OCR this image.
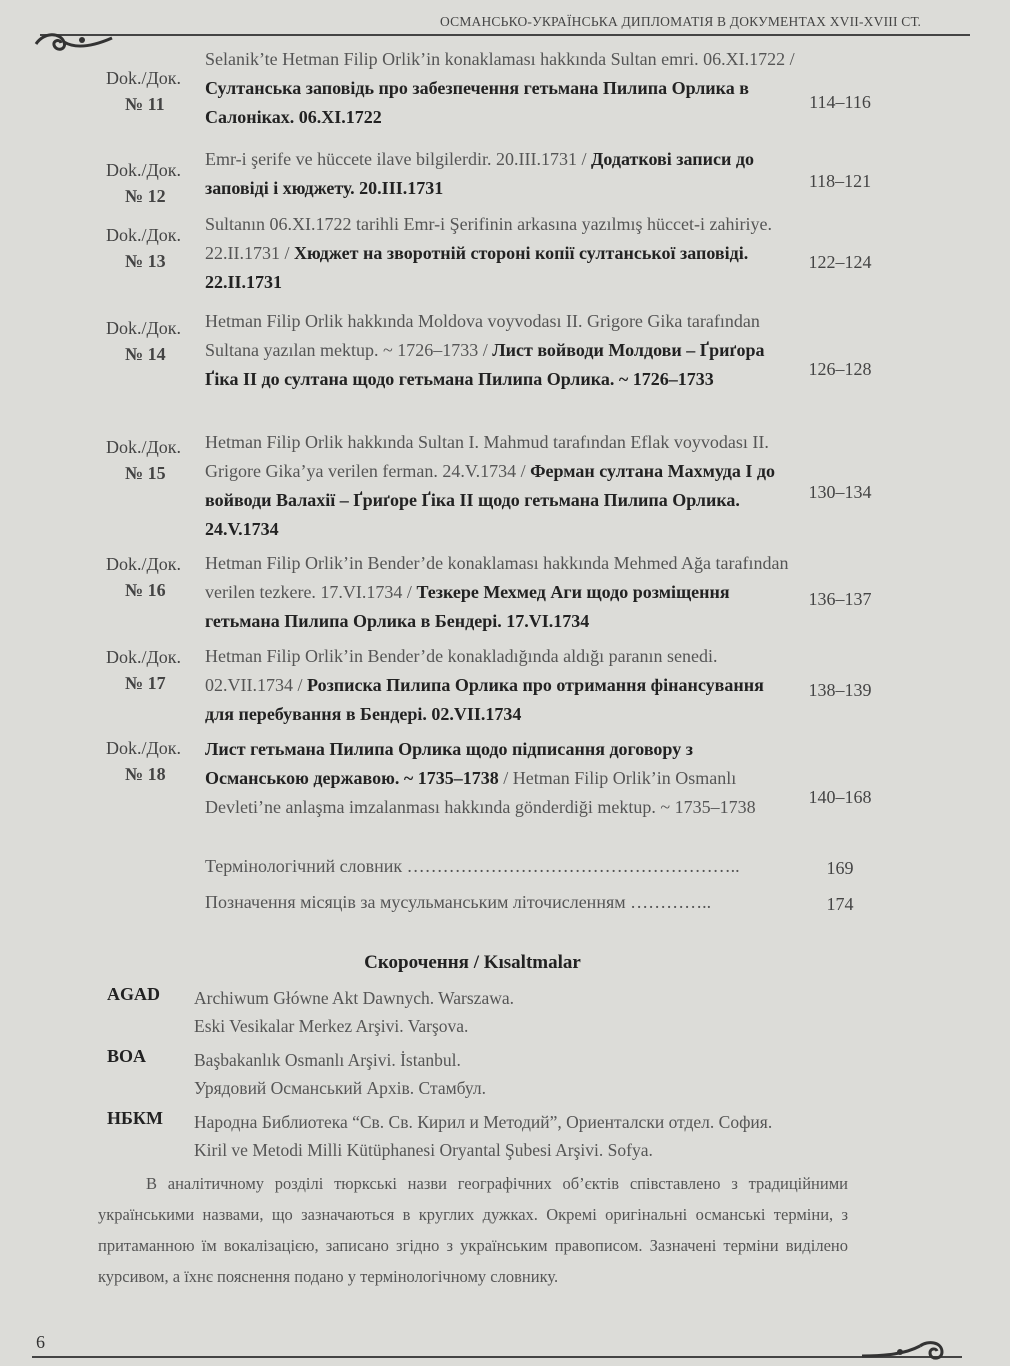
ОСМАНСЬКО-УКРАЇНСЬКА ДИПЛОМАТІЯ В ДОКУМЕНТАХ XVII-XVIII СТ.
Dok./Док.
№ 11
Selanik’te Hetman Filip Orlik’in konaklaması hakkında Sultan emri. 06.XI.1722 / Султанська заповідь про забезпечення гетьмана Пилипа Орлика в Салоніках. 06.XI.1722
114–116
Dok./Док.
№ 12
Emr-i şerife ve hüccete ilave bilgilerdir. 20.III.1731 / Додаткові записи до заповіді і хюджету. 20.III.1731	118–121
Dok./Док.
№ 13
Sultanın 06.XI.1722 tarihli Emr-i Şerifinin arkasına yazılmış hüccet-i zahiriye. 22.II.1731 / Хюджет на зворотній стороні копії султанської заповіді. 22.II.1731
122–124
Dok./Док.
№ 14
Hetman Filip Orlik hakkında Moldova voyvodası II. Grigore Gika tarafından Sultana yazılan mektup. ~ 1726–1733 / Лист войводи Молдови – Ґриґора Ґіка II до султана щодо гетьмана Пилипа Орлика. ~ 1726–1733	126–128
Dok./Док.
№ 15
Hetman Filip Orlik hakkında Sultan I. Mahmud tarafından Eflak voyvodası II. Grigore Gika’ya verilen ferman. 24.V.1734 / Ферман султана Махмуда I до войводи Валахії – Ґриґоре Ґіка II щодо гетьмана Пилипа Орлика. 24.V.1734
130–134
Dok./Док.
№ 16
Hetman Filip Orlik’in Bender’de konaklaması hakkında Mehmed Ağa tarafından verilen tezkere. 17.VI.1734 / Тезкере Мехмед Аги щодо розміщення гетьмана Пилипа Орлика в Бендері. 17.VI.1734
136–137
Dok./Док.
№ 17
Hetman Filip Orlik’in Bender’de konakladığında aldığı paranın senedi. 02.VII.1734 / Розписка Пилипа Орлика про отримання фінансування для перебування в Бендері. 02.VII.1734
138–139
Dok./Док.
№ 18
Лист гетьмана Пилипа Орлика щодо підписання договору з Османською державою. ~ 1735–1738 / Hetman Filip Orlik’in Osmanlı Devleti’ne anlaşma imzalanması hakkında gönderdiği mektup. ~ 1735–1738	140–168
Термінологічний словник ………………………………………………..	169
Позначення місяців за мусульманським літочисленням …………..	174
Скорочення / Kısaltmalar
AGAD Archiwum Główne Akt Dawnych. Warszawa.
Eski Vesikalar Merkez Arşivi. Varşova.
BOA	Başbakanlık Osmanlı Arşivi. İstanbul.
Урядовий Османський Архів. Стамбул.
НБКМ Народна Библиотека “Св. Св. Кирил и Методий”, Ориенталски отдел. София.
Kiril ve Metodi Milli Kütüphanesi Oryantal Şubesi Arşivi. Sofya.
В аналітичному розділі тюркські назви географічних об’єктів співставлено з традиційними українськими назвами, що зазначаються в круглих дужках. Окремі оригінальні османські терміни, з притаманною їм вокалізацією, записано згідно з українським правописом. Зазначені терміни виділено курсивом, а їхнє пояснення подано у термінологічному словнику.
6
